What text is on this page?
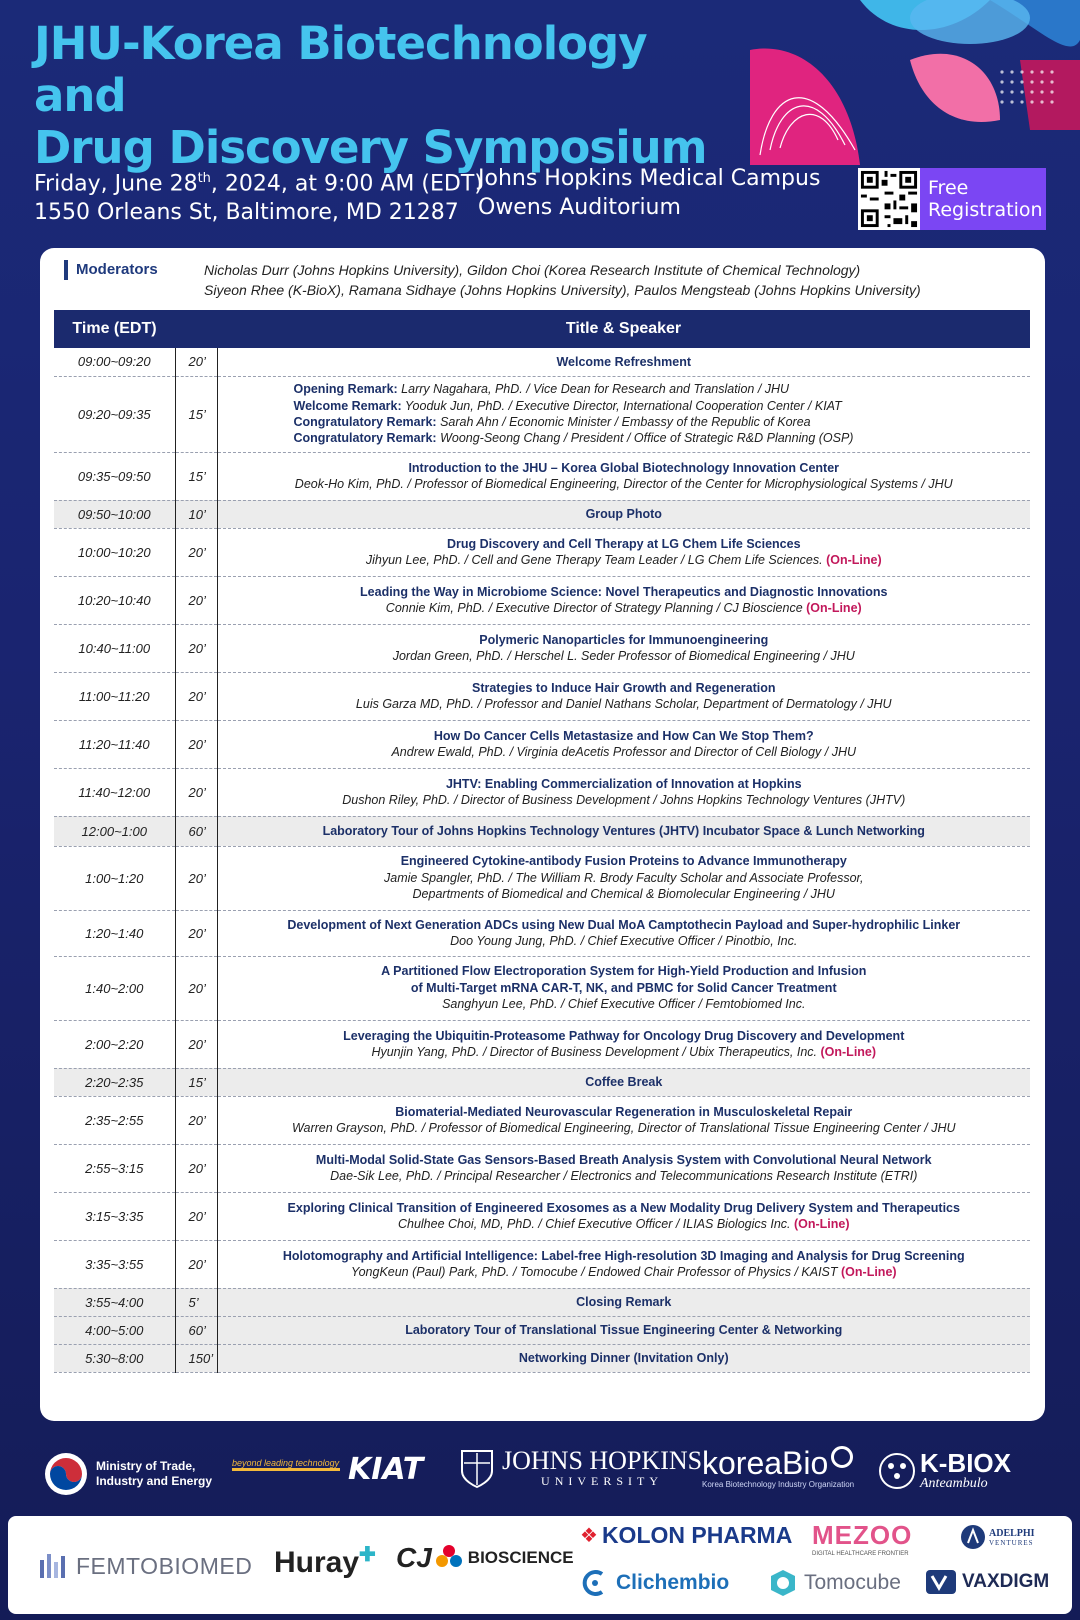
JHU-Korea Biotechnology and
Drug Discovery Symposium
Friday, June 28th, 2024, at 9:00 AM (EDT)
1550 Orleans St, Baltimore, MD 21287
Johns Hopkins Medical Campus
Owens Auditorium
Free
Registration
Moderators	Nicholas Durr (Johns Hopkins University), Gildon Choi (Korea Research Institute of Chemical Technology)
Siyeon Rhee (K-BioX), Ramana Sidhaye (Johns Hopkins University), Paulos Mengsteab (Johns Hopkins University)
Time (EDT)		Title & Speaker
09:00~09:20	20’	Welcome Refreshment

09:20~09:35	15’	Opening Remark: Larry Nagahara, PhD. / Vice Dean for Research and Translation / JHU
Welcome Remark: Yooduk Jun, PhD. / Executive Director, International Cooperation Center / KIAT
Congratulatory Remark: Sarah Ahn / Economic Minister / Embassy of the Republic of Korea
Congratulatory Remark: Woong-Seong Chang / President / Office of Strategic R&D Planning (OSP)

09:35~09:50	15’	Introduction to the JHU – Korea Global Biotechnology Innovation Center
Deok-Ho Kim, PhD. / Professor of Biomedical Engineering, Director of the Center for Microphysiological Systems / JHU

09:50~10:00	10’	Group Photo

10:00~10:20	20’	Drug Discovery and Cell Therapy at LG Chem Life Sciences
Jihyun Lee, PhD. / Cell and Gene Therapy Team Leader / LG Chem Life Sciences. (On-Line)

10:20~10:40	20’	Leading the Way in Microbiome Science: Novel Therapeutics and Diagnostic Innovations
Connie Kim, PhD. / Executive Director of Strategy Planning / CJ Bioscience (On-Line)

10:40~11:00	20’	Polymeric Nanoparticles for Immunoengineering
Jordan Green, PhD. / Herschel L. Seder Professor of Biomedical Engineering / JHU

11:00~11:20	20’	Strategies to Induce Hair Growth and Regeneration
Luis Garza MD, PhD. / Professor and Daniel Nathans Scholar, Department of Dermatology / JHU

11:20~11:40	20’	How Do Cancer Cells Metastasize and How Can We Stop Them?
Andrew Ewald, PhD. / Virginia deAcetis Professor and Director of Cell Biology / JHU

11:40~12:00	20’	JHTV: Enabling Commercialization of Innovation at Hopkins
Dushon Riley, PhD. / Director of Business Development / Johns Hopkins Technology Ventures (JHTV)

12:00~1:00	60’	Laboratory Tour of Johns Hopkins Technology Ventures (JHTV) Incubator Space & Lunch Networking

1:00~1:20	20’	Engineered Cytokine-antibody Fusion Proteins to Advance Immunotherapy
Jamie Spangler, PhD. / The William R. Brody Faculty Scholar and Associate Professor,
Departments of Biomedical and Chemical & Biomolecular Engineering / JHU

1:20~1:40	20’	Development of Next Generation ADCs using New Dual MoA Camptothecin Payload and Super-hydrophilic Linker
Doo Young Jung, PhD. / Chief Executive Officer / Pinotbio, Inc.

1:40~2:00	20’	A Partitioned Flow Electroporation System for High-Yield Production and Infusion
of Multi-Target mRNA CAR-T, NK, and PBMC for Solid Cancer Treatment
Sanghyun Lee, PhD. / Chief Executive Officer / Femtobiomed Inc.

2:00~2:20	20’	Leveraging the Ubiquitin-Proteasome Pathway for Oncology Drug Discovery and Development
Hyunjin Yang, PhD. / Director of Business Development / Ubix Therapeutics, Inc. (On-Line)

2:20~2:35	15’	Coffee Break

2:35~2:55	20’	Biomaterial-Mediated Neurovascular Regeneration in Musculoskeletal Repair
Warren Grayson, PhD. / Professor of Biomedical Engineering, Director of Translational Tissue Engineering Center / JHU

2:55~3:15	20’	Multi-Modal Solid-State Gas Sensors-Based Breath Analysis System with Convolutional Neural Network
Dae-Sik Lee, PhD. / Principal Researcher / Electronics and Telecommunications Research Institute (ETRI)

3:15~3:35	20’	Exploring Clinical Transition of Engineered Exosomes as a New Modality Drug Delivery System and Therapeutics
Chulhee Choi, MD, PhD. / Chief Executive Officer / ILIAS Biologics Inc. (On-Line)

3:35~3:55	20’	Holotomography and Artificial Intelligence: Label-free High-resolution 3D Imaging and Analysis for Drug Screening
YongKeun (Paul) Park, PhD. / Tomocube / Endowed Chair Professor of Physics / KAIST (On-Line)

3:55~4:00	5’	Closing Remark

4:00~5:00	60’	Laboratory Tour of Translational Tissue Engineering Center & Networking

5:30~8:00	150’	Networking Dinner (Invitation Only)
Ministry of Trade,
Industry and Energy
beyond leading technology KIAT	JOHNS HOPKINS
UNIVERSITY	koreaBio
Korea Biotechnology Industry Organization
K-BIOX
Anteambulo
FEMTOBIOMED Huray ✚ CJ BIOSCIENCE
❖ KOLON PHARMA MEZOO
DIGITAL HEALTHCARE FRONTIER
ADELPHI
VENTURES
Clichembio	Tomocube	VAXDIGM
